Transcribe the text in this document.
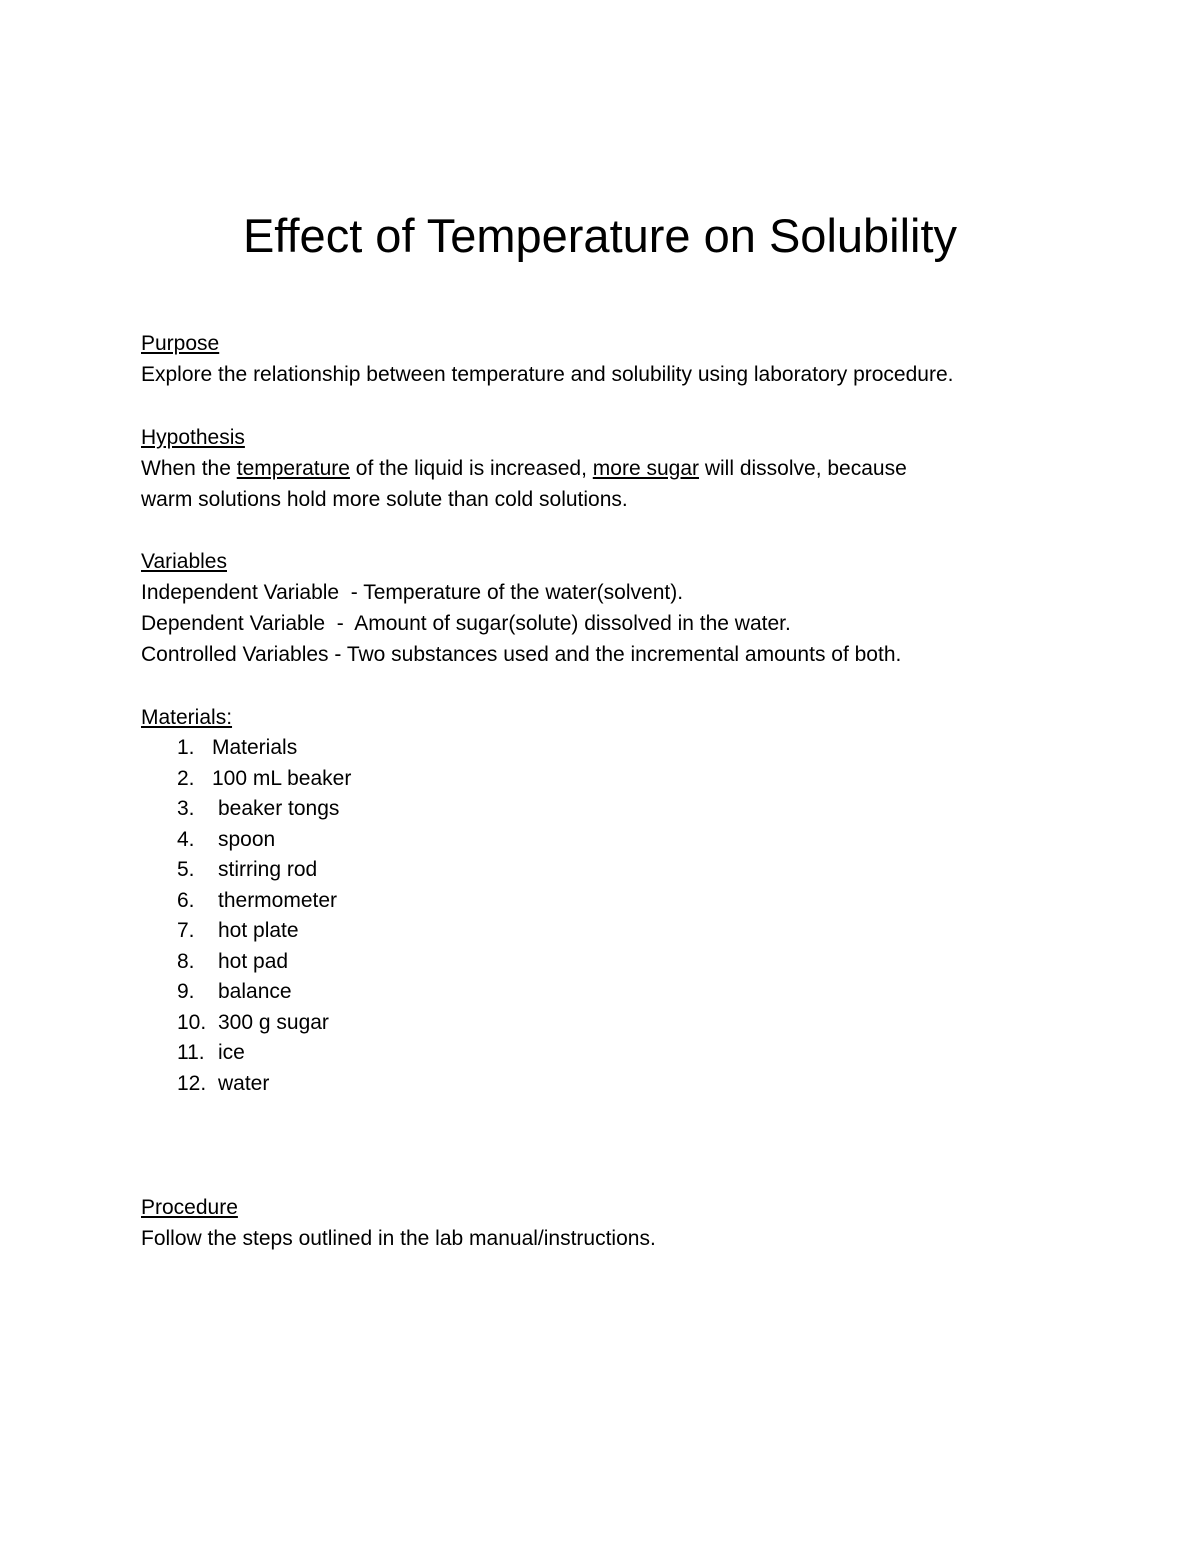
Effect of Temperature on Solubility

Purpose

Explore the relationship between temperature and solubility using laboratory procedure.

Hypothesis

When the temperature of the liquid is increased, more sugar will dissolve, because

warm solutions hold more solute than cold solutions.

Variables

Independent Variable  - Temperature of the water(solvent).

Dependent Variable  -  Amount of sugar(solute) dissolved in the water.

Controlled Variables - Two substances used and the incremental amounts of both.

Materials:

1. Materials
2. 100 mL beaker
3. beaker tongs
4. spoon
5. stirring rod
6. thermometer
7. hot plate
8. hot pad
9. balance
10. 300 g sugar
11. ice
12. water

Procedure

Follow the steps outlined in the lab manual/instructions.
